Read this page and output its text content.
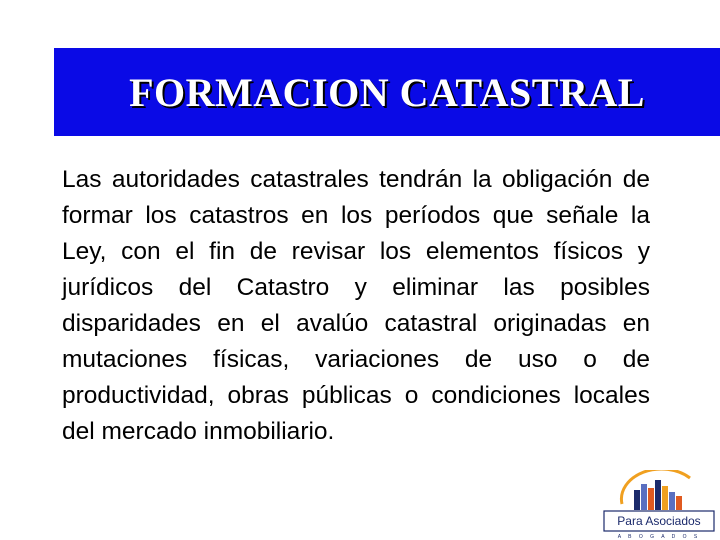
FORMACION CATASTRAL

Las autoridades catastrales tendrán la obligación de formar los catastros en los períodos que señale la Ley, con el fin de revisar los elementos físicos y jurídicos del Catastro y eliminar las posibles disparidades en el avalúo catastral originadas en mutaciones físicas, variaciones de uso o de productividad, obras públicas o condiciones locales del mercado inmobiliario.

Para Asociados
A B O G A D O S
